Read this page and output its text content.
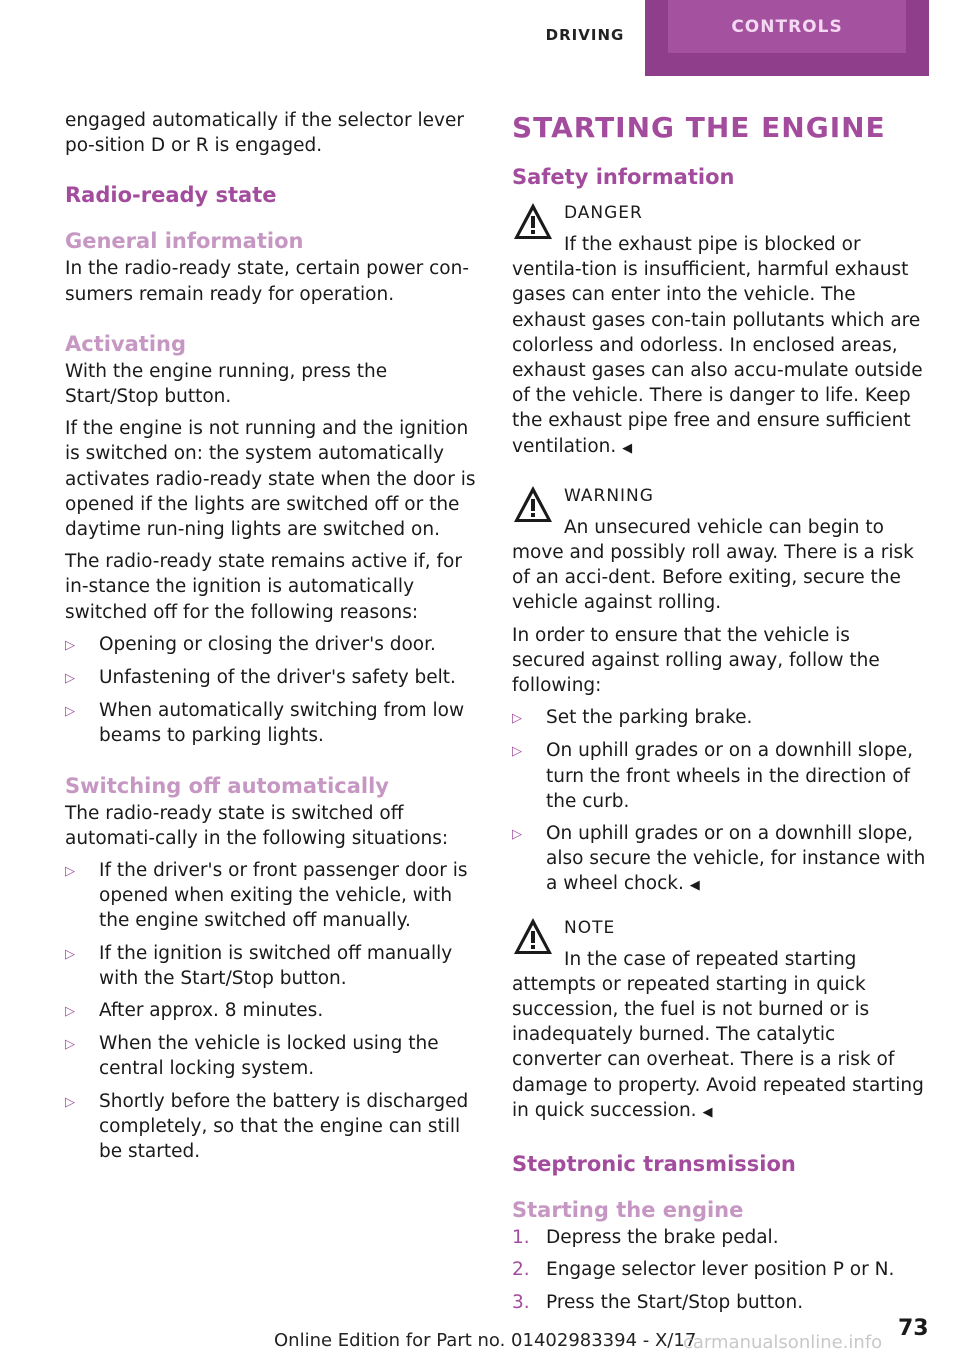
DRIVING	CONTROLS

engaged automatically if the selector lever po‐sition D or R is engaged.

Radio-ready state
General information

In the radio-ready state, certain power con‐sumers remain ready for operation.

Activating

With the engine running, press the Start/Stop button.

If the engine is not running and the ignition is switched on: the system automatically activates radio-ready state when the door is opened if the lights are switched off or the daytime run‐ning lights are switched on.

The radio-ready state remains active if, for in‐stance the ignition is automatically switched off for the following reasons:

▷	Opening or closing the driver's door.
▷	Unfastening of the driver's safety belt.
▷	When automatically switching from low beams to parking lights.
Switching off automatically

The radio-ready state is switched off automati‐cally in the following situations:

▷	If the driver's or front passenger door is opened when exiting the vehicle, with the engine switched off manually.
▷	If the ignition is switched off manually with the Start/Stop button.
▷	After approx. 8 minutes.
▷	When the vehicle is locked using the central locking system.
▷	Shortly before the battery is discharged completely, so that the engine can still be started.
STARTING THE ENGINE
Safety information
DANGER

If the exhaust pipe is blocked or ventila‐tion is insufficient, harmful exhaust gases can enter into the vehicle. The exhaust gases con‐tain pollutants which are colorless and odorless. In enclosed areas, exhaust gases can also accu‐mulate outside of the vehicle. There is danger to life. Keep the exhaust pipe free and ensure sufficient ventilation. ◀

WARNING

An unsecured vehicle can begin to move and possibly roll away. There is a risk of an acci‐dent. Before exiting, secure the vehicle against rolling.

In order to ensure that the vehicle is secured against rolling away, follow the following:

▷	Set the parking brake.
▷	On uphill grades or on a downhill slope, turn the front wheels in the direction of the curb.
▷	On uphill grades or on a downhill slope, also secure the vehicle, for instance with a wheel chock. ◀
NOTE

In the case of repeated starting attempts or repeated starting in quick succession, the fuel is not burned or is inadequately burned. The catalytic converter can overheat. There is a risk of damage to property. Avoid repeated starting in quick succession. ◀

Steptronic transmission
Starting the engine
1. Depress the brake pedal.
2. Engage selector lever position P or N.
3. Press the Start/Stop button.
Online Edition for Part no. 01402983394 - X/17
carmanualsonline.info
73
